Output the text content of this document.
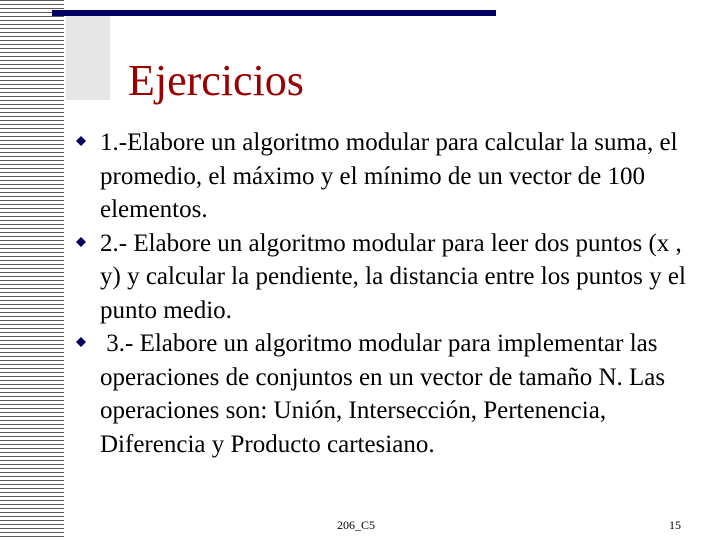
Ejercicios

1.-Elabore un algoritmo modular para calcular la suma, el promedio, el máximo y el mínimo de un vector de 100 elementos.

2.- Elabore un algoritmo modular para leer dos puntos (x , y) y calcular la pendiente, la distancia entre los puntos y el punto medio.

3.- Elabore un algoritmo modular para implementar las operaciones de conjuntos en un vector de tamaño N. Las operaciones son: Unión, Intersección, Pertenencia, Diferencia y Producto cartesiano.

206_C5	15
